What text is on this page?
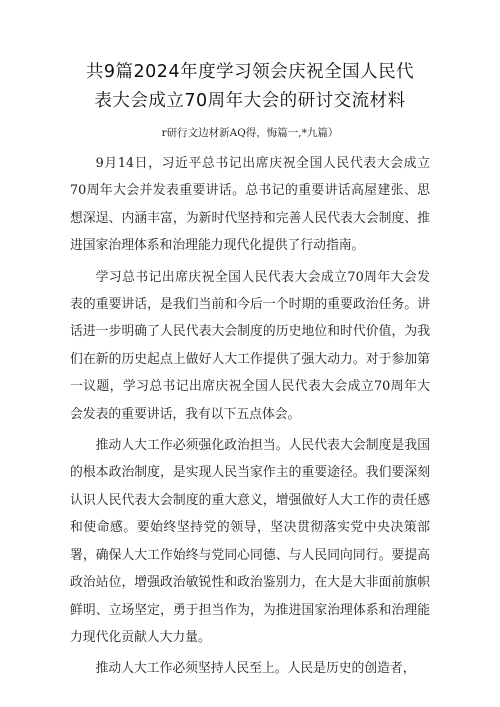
共9篇2024年度学习领会庆祝全国人民代
表大会成立70周年大会的研讨交流材料
r研行文边材新AQ得，悔篇一,*九篇）

9月14日，习近平总书记出席庆祝全国人民代表大会成立70周年大会并发表重要讲话。总书记的重要讲话高屋建张、思想深逞、内涵丰富，为新时代坚持和完善人民代表大会制度、推进国家治理体系和治理能力现代化提供了行动指南。

学习总书记出席庆祝全国人民代表大会成立70周年大会发表的重要讲话，是我们当前和今后一个时期的重要政治任务。讲话进一步明确了人民代表大会制度的历史地位和时代价值，为我们在新的历史起点上做好人大工作提供了强大动力。对于参加第一议题，学习总书记出席庆祝全国人民代表大会成立70周年大会发表的重要讲话，我有以下五点体会。

推动人大工作必须强化政治担当。人民代表大会制度是我国的根本政治制度，是实现人民当家作主的重要途径。我们要深刻认识人民代表大会制度的重大意义，增强做好人大工作的责任感和使命感。要始终坚持党的领导，坚决贯彻落实党中央决策部署，确保人大工作始终与党同心同德、与人民同向同行。要提高政治站位，增强政治敏锐性和政治鉴别力，在大是大非面前旗帜鲜明、立场坚定，勇于担当作为，为推进国家治理体系和治理能力现代化贡献人大力量。

推动人大工作必须坚持人民至上。人民是历史的创造者，
